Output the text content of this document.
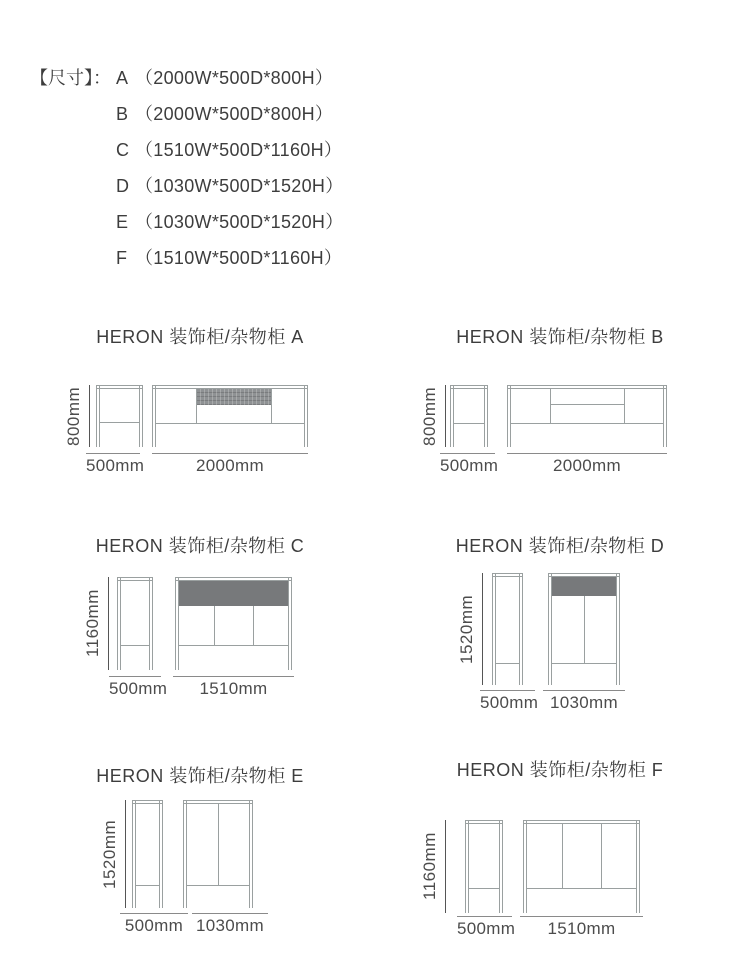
【尺寸】： A （2000W*500D*800H）
B （2000W*500D*800H）
C （1510W*500D*1160H）
D （1030W*500D*1520H）
E （1030W*500D*1520H）
F （1510W*500D*1160H）
HERON 装饰柜/杂物柜 A
800mm
500mm	2000mm
HERON 装饰柜/杂物柜 B
800mm
500mm	2000mm
HERON 装饰柜/杂物柜 C
1160mm
500mm	1510mm
HERON 装饰柜/杂物柜 D
1520mm
500mm 1030mm
HERON 装饰柜/杂物柜 E
1520mm
500mm 1030mm
HERON 装饰柜/杂物柜 F
1160mm
500mm	1510mm
